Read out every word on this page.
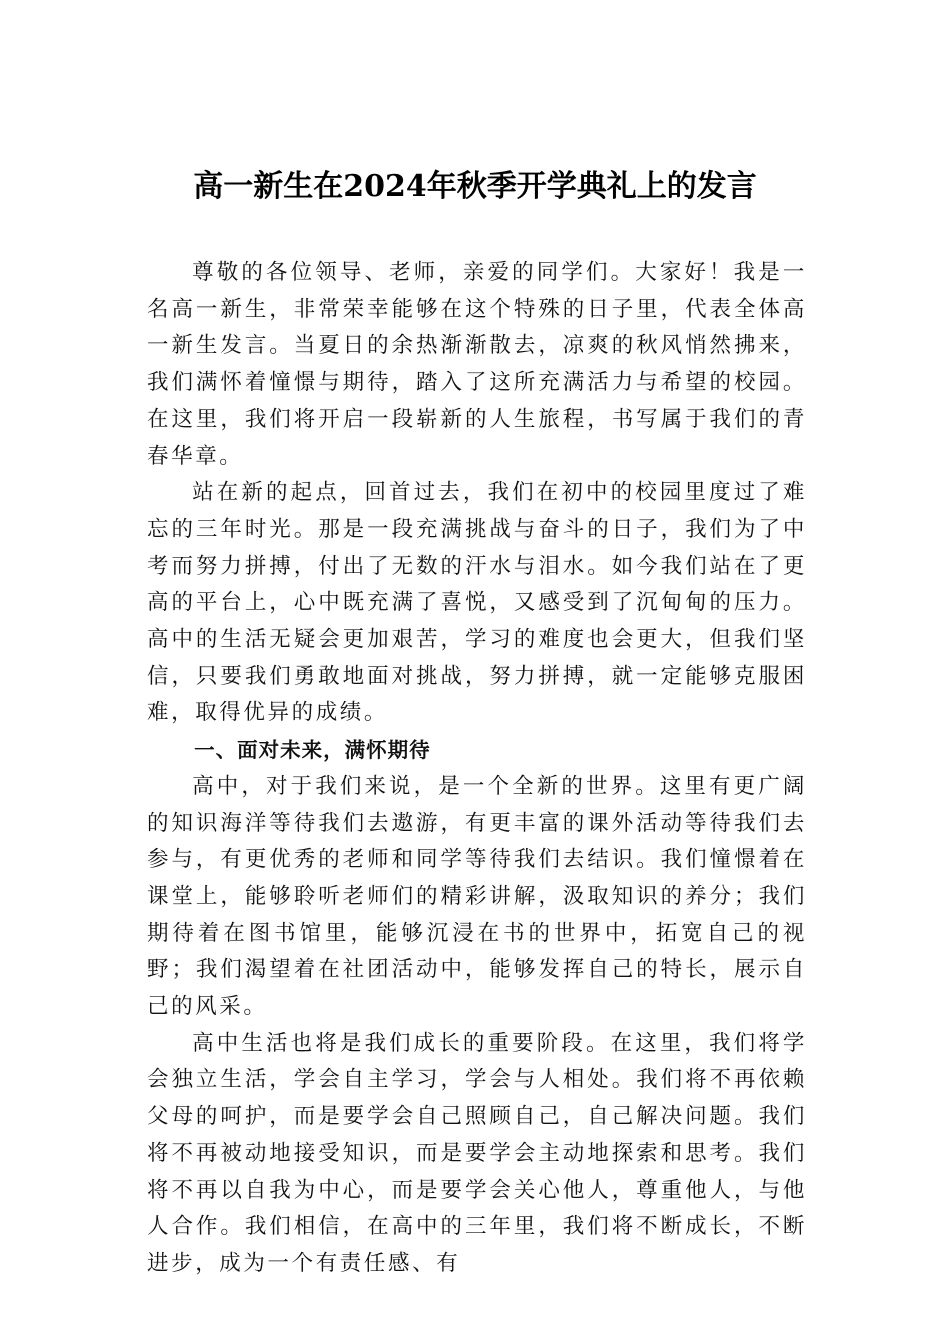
高一新生在2024年秋季开学典礼上的发言

尊敬的各位领导、老师，亲爱的同学们。大家好！我是一名高一新生，非常荣幸能够在这个特殊的日子里，代表全体高一新生发言。当夏日的余热渐渐散去，凉爽的秋风悄然拂来，我们满怀着憧憬与期待，踏入了这所充满活力与希望的校园。在这里，我们将开启一段崭新的人生旅程，书写属于我们的青春华章。

站在新的起点，回首过去，我们在初中的校园里度过了难忘的三年时光。那是一段充满挑战与奋斗的日子，我们为了中考而努力拼搏，付出了无数的汗水与泪水。如今我们站在了更高的平台上，心中既充满了喜悦，又感受到了沉甸甸的压力。高中的生活无疑会更加艰苦，学习的难度也会更大，但我们坚信，只要我们勇敢地面对挑战，努力拼搏，就一定能够克服困难，取得优异的成绩。

一、面对未来，满怀期待

高中，对于我们来说，是一个全新的世界。这里有更广阔的知识海洋等待我们去遨游，有更丰富的课外活动等待我们去参与，有更优秀的老师和同学等待我们去结识。我们憧憬着在课堂上，能够聆听老师们的精彩讲解，汲取知识的养分；我们期待着在图书馆里，能够沉浸在书的世界中，拓宽自己的视野；我们渴望着在社团活动中，能够发挥自己的特长，展示自己的风采。

高中生活也将是我们成长的重要阶段。在这里，我们将学会独立生活，学会自主学习，学会与人相处。我们将不再依赖父母的呵护，而是要学会自己照顾自己，自己解决问题。我们将不再被动地接受知识，而是要学会主动地探索和思考。我们将不再以自我为中心，而是要学会关心他人，尊重他人，与他人合作。我们相信，在高中的三年里，我们将不断成长，不断进步，成为一个有责任感、有
